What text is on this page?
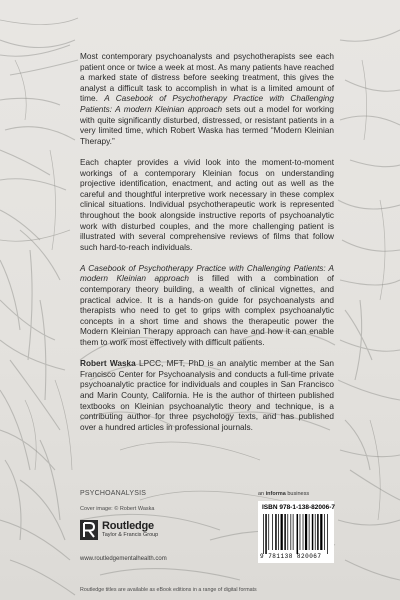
Most contemporary psychoanalysts and psychotherapists see each patient once or twice a week at most. As many patients have reached a marked state of distress before seeking treatment, this gives the analyst a difficult task to accomplish in what is a limited amount of time. A Casebook of Psychotherapy Practice with Challenging Patients: A modern Kleinian approach sets out a model for working with quite significantly disturbed, distressed, or resistant patients in a very limited time, which Robert Waska has termed “Modern Kleinian Therapy.”

Each chapter provides a vivid look into the moment-to-moment workings of a contemporary Kleinian focus on understanding projective identification, enactment, and acting out as well as the careful and thoughtful interpretive work necessary in these complex clinical situations. Individual psychotherapeutic work is represented throughout the book alongside instructive reports of psychoanalytic work with disturbed couples, and the more challenging patient is illustrated with several comprehensive reviews of films that follow such hard-to-reach individuals.

A Casebook of Psychotherapy Practice with Challenging Patients: A modern Kleinian approach is filled with a combination of contemporary theory building, a wealth of clinical vignettes, and practical advice. It is a hands-on guide for psychoanalysts and therapists who need to get to grips with complex psychoanalytic concepts in a short time and shows the therapeutic power the Modern Kleinian Therapy approach can have and how it can enable them to work most effectively with difficult patients.

Robert Waska LPCC, MFT, PhD is an analytic member at the San Francisco Center for Psychoanalysis and conducts a full-time private psychoanalytic practice for individuals and couples in San Francisco and Marin County, California. He is the author of thirteen published textbooks on Kleinian psychoanalytic theory and technique, is a contributing author for three psychology texts, and has published over a hundred articles in professional journals.

PSYCHOANALYSIS
Cover image: © Robert Waska
Routledge
Taylor & Francis Group
www.routledgementalhealth.com
an informa business
ISBN 978-1-138-82006-7
9 781138 820067
Routledge titles are available as eBook editions in a range of digital formats
